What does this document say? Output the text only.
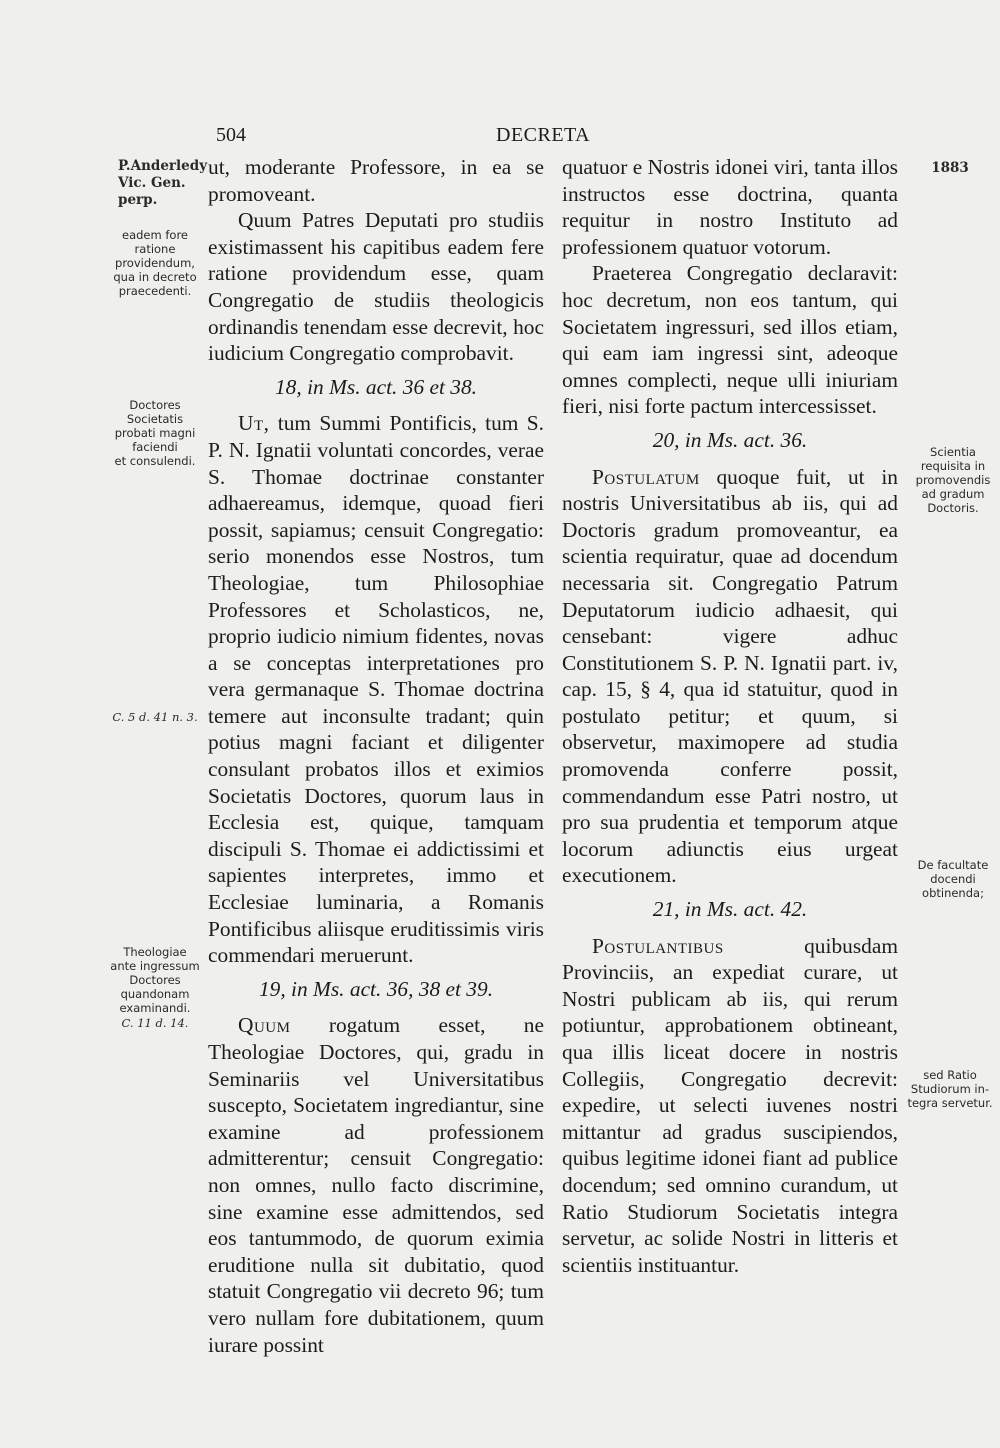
504	DECRETA
P.Anderledy
Vic. Gen.
perp.
eadem fore
ratione
providendum,
qua in decreto
praecedenti.
Doctores
Societatis
probati magni
faciendi
et consulendi.
C. 5 d. 41 n. 3.
Theologiae
ante ingressum
Doctores
quandonam
examinandi.
C. 11 d. 14.
1883
Scientia
requisita in
promovendis
ad gradum
Doctoris.
De facultate
docendi
obtinenda;
sed Ratio
Studiorum in-
tegra servetur.

ut, moderante Professore, in ea se promoveant.

Quum Patres Deputati pro studiis existimassent his capitibus eadem fere ratione providendum esse, quam Congregatio de studiis theologicis ordinandis tenendam esse decrevit, hoc iudicium Congregatio comprobavit.

18, in Ms. act. 36 et 38.

Ut, tum Summi Pontificis, tum S. P. N. Ignatii voluntati concordes, verae S. Thomae doctrinae constanter adhaereamus, idemque, quoad fieri possit, sapiamus; censuit Congregatio: serio monendos esse Nostros, tum Theologiae, tum Philosophiae Professores et Scholasticos, ne, proprio iudicio nimium fidentes, novas a se conceptas interpretationes pro vera germanaque S. Thomae doctrina temere aut inconsulte tradant; quin potius magni faciant et diligenter consulant probatos illos et eximios Societatis Doctores, quorum laus in Ecclesia est, quique, tamquam discipuli S. Thomae ei addictissimi et sapientes interpretes, immo et Ecclesiae luminaria, a Romanis Pontificibus aliisque eruditissimis viris commendari meruerunt.

19, in Ms. act. 36, 38 et 39.

Quum rogatum esset, ne Theologiae Doctores, qui, gradu in Seminariis vel Universitatibus suscepto, Societatem ingrediantur, sine examine ad professionem admitterentur; censuit Congregatio: non omnes, nullo facto discrimine, sine examine esse admittendos, sed eos tantummodo, de quorum eximia eruditione nulla sit dubitatio, quod statuit Congregatio vii decreto 96; tum vero nullam fore dubitationem, quum iurare possint

quatuor e Nostris idonei viri, tanta illos instructos esse doctrina, quanta requitur in nostro Instituto ad professionem quatuor votorum.

Praeterea Congregatio declaravit: hoc decretum, non eos tantum, qui Societatem ingressuri, sed illos etiam, qui eam iam ingressi sint, adeoque omnes complecti, neque ulli iniuriam fieri, nisi forte pactum intercessisset.

20, in Ms. act. 36.

Postulatum quoque fuit, ut in nostris Universitatibus ab iis, qui ad Doctoris gradum promoveantur, ea scientia requiratur, quae ad docendum necessaria sit. Congregatio Patrum Deputatorum iudicio adhaesit, qui censebant: vigere adhuc Constitutionem S. P. N. Ignatii part. iv, cap. 15, § 4, qua id statuitur, quod in postulato petitur; et quum, si observetur, maximopere ad studia promovenda conferre possit, commendandum esse Patri nostro, ut pro sua prudentia et temporum atque locorum adiunctis eius urgeat executionem.

21, in Ms. act. 42.

Postulantibus quibusdam Provinciis, an expediat curare, ut Nostri publicam ab iis, qui rerum potiuntur, approbationem obtineant, qua illis liceat docere in nostris Collegiis, Congregatio decrevit: expedire, ut selecti iuvenes nostri mittantur ad gradus suscipiendos, quibus legitime idonei fiant ad publice docendum; sed omnino curandum, ut Ratio Studiorum Societatis integra servetur, ac solide Nostri in litteris et scientiis instituantur.
